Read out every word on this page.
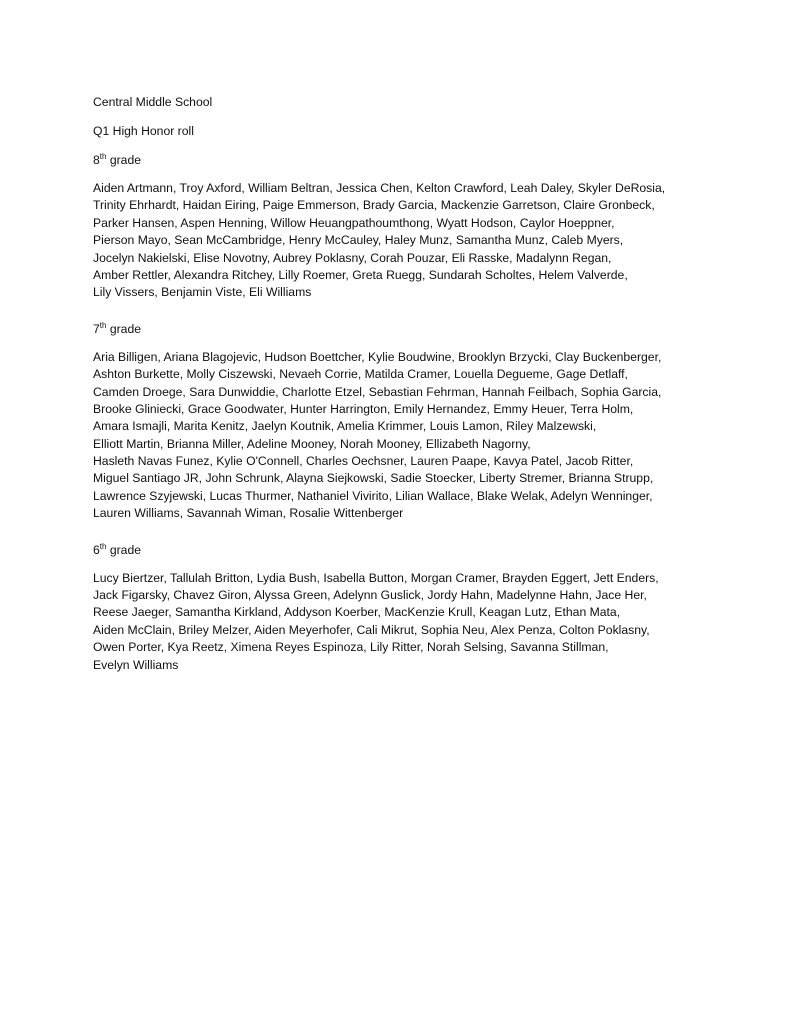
Central Middle School

Q1 High Honor roll

8th grade

Aiden Artmann, Troy Axford, William Beltran, Jessica Chen, Kelton Crawford, Leah Daley, Skyler DeRosia,

Trinity Ehrhardt, Haidan Eiring, Paige Emmerson, Brady Garcia, Mackenzie Garretson, Claire Gronbeck,

Parker Hansen, Aspen Henning, Willow Heuangpathoumthong, Wyatt Hodson, Caylor Hoeppner,

Pierson Mayo, Sean McCambridge, Henry McCauley, Haley Munz, Samantha Munz, Caleb Myers,

Jocelyn Nakielski, Elise Novotny, Aubrey Poklasny, Corah Pouzar, Eli Rasske, Madalynn Regan,

Amber Rettler, Alexandra Ritchey, Lilly Roemer, Greta Ruegg, Sundarah Scholtes, Helem Valverde,

Lily Vissers, Benjamin Viste, Eli Williams

7th grade

Aria Billigen, Ariana Blagojevic, Hudson Boettcher, Kylie Boudwine, Brooklyn Brzycki, Clay Buckenberger,

Ashton Burkette, Molly Ciszewski, Nevaeh Corrie, Matilda Cramer, Louella Degueme, Gage Detlaff,

Camden Droege, Sara Dunwiddie, Charlotte Etzel, Sebastian Fehrman, Hannah Feilbach, Sophia Garcia,

Brooke Gliniecki, Grace Goodwater, Hunter Harrington, Emily Hernandez, Emmy Heuer, Terra Holm,

Amara Ismajli, Marita Kenitz, Jaelyn Koutnik, Amelia Krimmer, Louis Lamon, Riley Malzewski,

Elliott Martin, Brianna Miller, Adeline Mooney, Norah Mooney, Ellizabeth Nagorny,

Hasleth Navas Funez, Kylie O'Connell, Charles Oechsner, Lauren Paape, Kavya Patel, Jacob Ritter,

Miguel Santiago JR, John Schrunk, Alayna Siejkowski, Sadie Stoecker, Liberty Stremer, Brianna Strupp,

Lawrence Szyjewski, Lucas Thurmer, Nathaniel Vivirito, Lilian Wallace, Blake Welak, Adelyn Wenninger,

Lauren Williams, Savannah Wiman, Rosalie Wittenberger

6th grade

Lucy Biertzer, Tallulah Britton, Lydia Bush, Isabella Button, Morgan Cramer, Brayden Eggert, Jett Enders,

Jack Figarsky, Chavez Giron, Alyssa Green, Adelynn Guslick, Jordy Hahn, Madelynne Hahn, Jace Her,

Reese Jaeger, Samantha Kirkland, Addyson Koerber, MacKenzie Krull, Keagan Lutz, Ethan Mata,

Aiden McClain, Briley Melzer, Aiden Meyerhofer, Cali Mikrut, Sophia Neu, Alex Penza, Colton Poklasny,

Owen Porter, Kya Reetz, Ximena Reyes Espinoza, Lily Ritter, Norah Selsing, Savanna Stillman,

Evelyn Williams
